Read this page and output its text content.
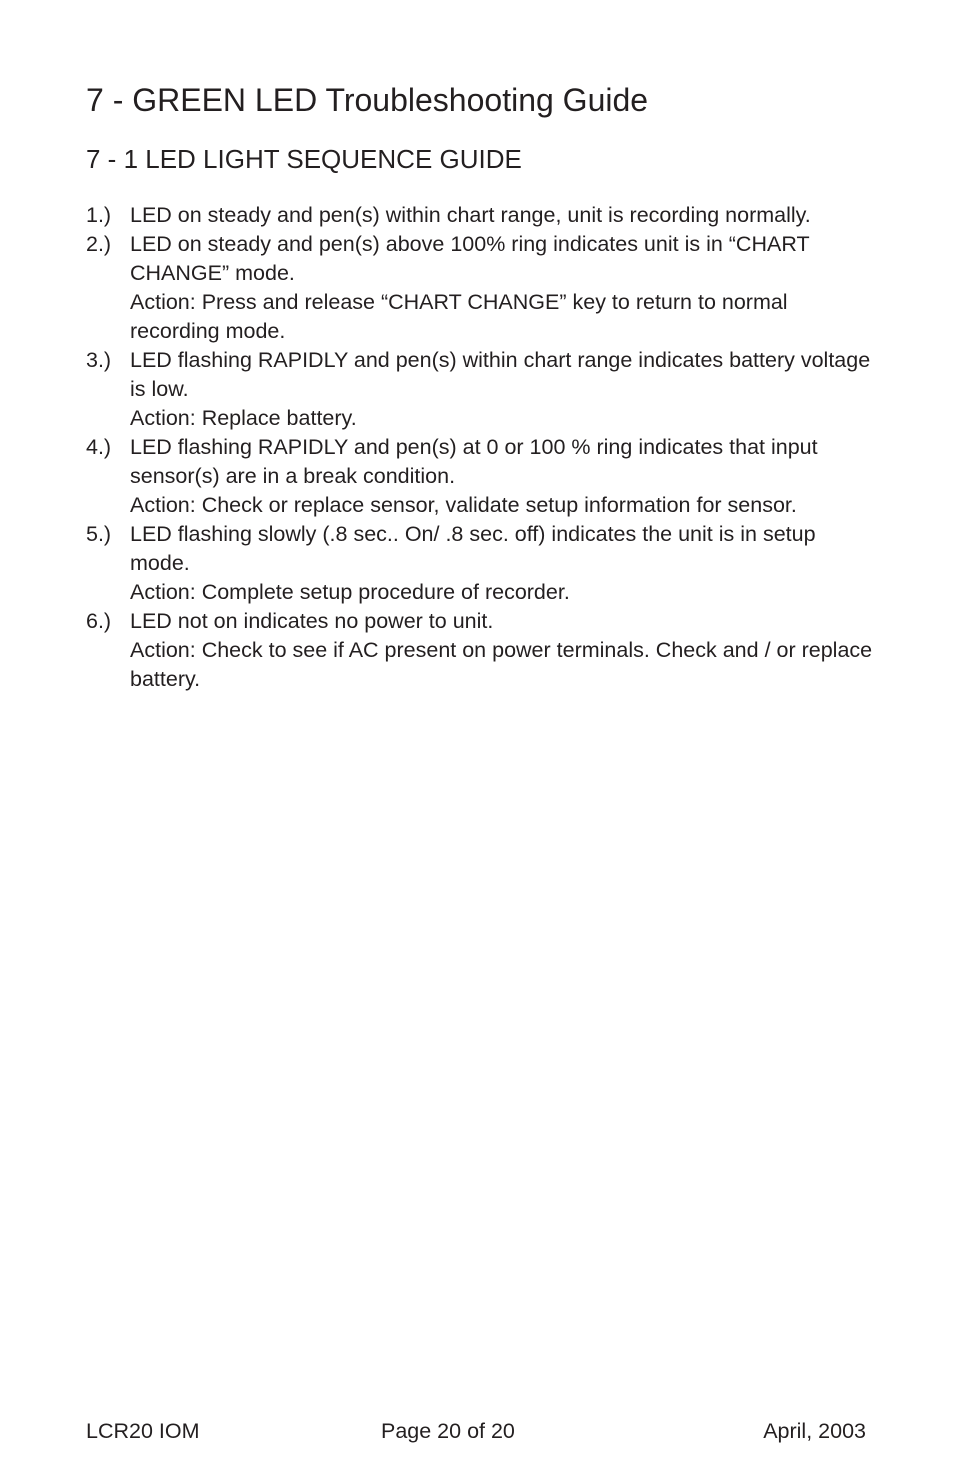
7 - GREEN LED Troubleshooting Guide
7 - 1 LED LIGHT SEQUENCE GUIDE
1.) LED on steady and pen(s) within chart range, unit is recording normally.
2.) LED on steady and pen(s) above 100% ring indicates unit is in “CHART CHANGE” mode.
Action: Press and release “CHART CHANGE” key to return to normal recording mode.
3.) LED flashing RAPIDLY and pen(s) within chart range indicates battery voltage is low.
Action: Replace battery.
4.) LED flashing RAPIDLY and pen(s) at 0 or 100 % ring indicates that input sensor(s) are in a break condition.
Action: Check or replace sensor, validate setup information for sensor.
5.) LED flashing slowly (.8 sec.. On/ .8 sec. off) indicates the unit is in setup mode.
Action: Complete setup procedure of recorder.
6.) LED not on indicates no power to unit.
Action: Check to see if AC present on power terminals. Check and / or replace battery.
LCR20 IOM	Page 20 of 20	April, 2003
